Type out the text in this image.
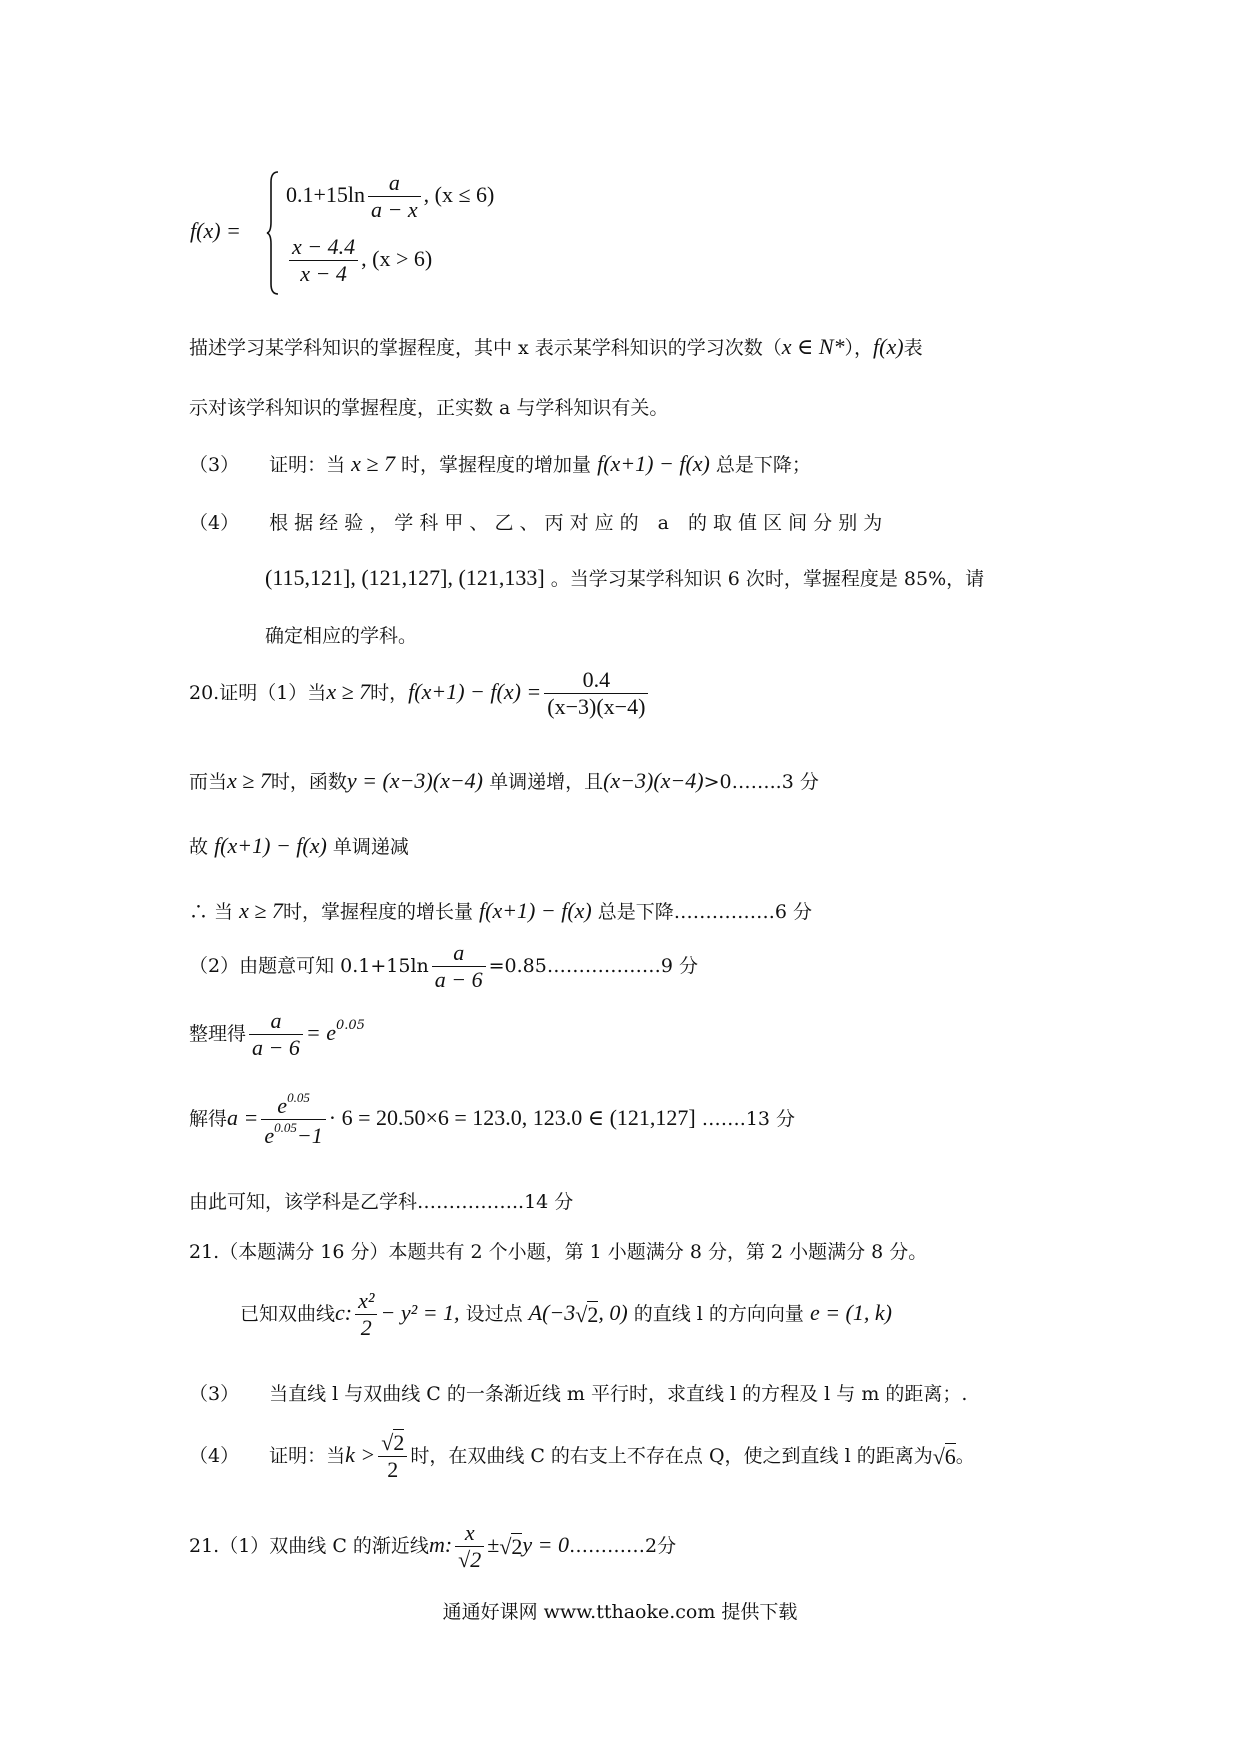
f(x) =
$0.1+15\ln \frac{a}{a - x}$ , (x ≤ 6)
$\frac{x - 4.4}{x - 4}$ , (x > 6)
描述学习某学科知识的掌握程度，其中 x 表示某学科知识的学习次数（x ∈ N*），f(x)表
示对该学科知识的掌握程度，正实数 a 与学科知识有关。
（3） 证明：当 x ≥ 7 时，掌握程度的增加量 f(x+1) − f(x) 总是下降；
（4） 根 据 经 验 ， 学 科 甲 、 乙 、 丙 对 应 的　a　的 取 值 区 间 分 别 为
(115,121], (121,127], (121,133] 。当学习某学科知识 6 次时，掌握程度是 85%，请
确定相应的学科。
20.证明（1）当x ≥ 7时，$f(x+1) - f(x) = \frac{0.4}{(x-3)(x-4)}$
而当x ≥ 7时，函数y = (x−3)(x−4) 单调递增，且(x−3)(x−4)>0……..3 分
故 f(x+1) − f(x) 单调递减
∴ 当 x ≥ 7时，掌握程度的增长量 f(x+1) − f(x) 总是下降…………….6 分
（2）由题意可知 $0.1+15\ln \frac{a}{a - 6}$ =0.85………………9 分
整理得 $\frac{a}{a - 6} = e^{0.05}$
解得$a = \frac{e^{0.05}}{e^{0.05}-1} \cdot 6 = 20.50\times 6 = 123.0$, 123.0 ∈ (121,127] …….13 分
由此可知，该学科是乙学科……………..14 分
21.（本题满分 16 分）本题共有 2 个小题，第 1 小题满分 8 分，第 2 小题满分 8 分。
已知双曲线c: $\frac{\text{x²}}{2} - y^2 = 1$, 设过点 A(−3√2, 0) 的直线 l 的方向向量 e = (1, k)
（3） 当直线 l 与双曲线 C 的一条渐近线 m 平行时，求直线 l 的方程及 l 与 m 的距离；.
（4） 证明：当$k > \frac{√2}{2}$ 时，在双曲线 C 的右支上不存在点 Q，使之到直线 l 的距离为√6。
21.（1）双曲线 C 的渐近线m: $\frac{x}{√2} \pm√2y$ = 0…………2分
通通好课网 www.tthaoke.com 提供下载
